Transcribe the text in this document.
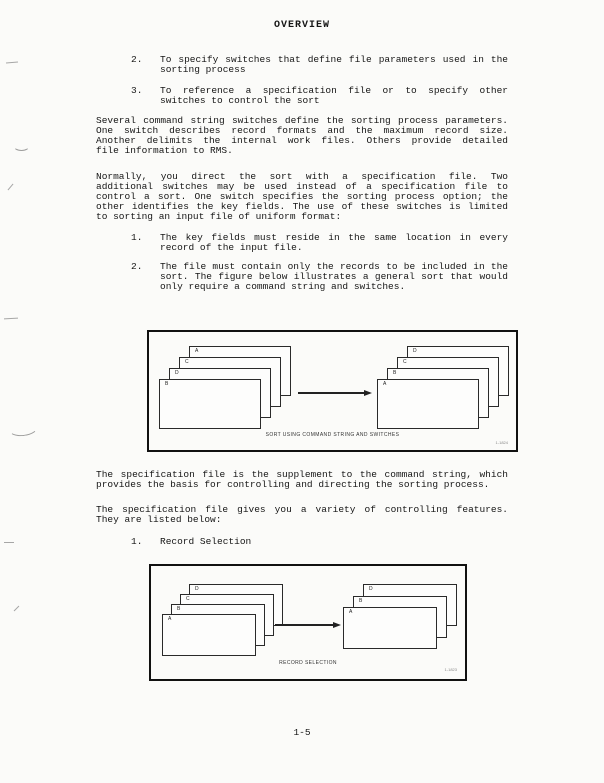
OVERVIEW
2. To specify switches that define file parameters used in the
sorting process
3. To reference a specification file or to specify other
switches to control the sort
Several command string switches define the sorting process parameters.
One switch describes record formats and the maximum record size.
Another delimits the internal work files. Others provide detailed
file information to RMS.
Normally, you direct the sort with a specification file. Two
additional switches may be used instead of a specification file to
control a sort. One switch specifies the sorting process option; the
other identifies the key fields. The use of these switches is limited
to sorting an input file of uniform format:
1. The key fields must reside in the same location in every
record of the input file.
2. The file must contain only the records to be included in the
sort. The figure below illustrates a general sort that would
only require a command string and switches.
A
C
D
B
D
C
B
A
SORT USING COMMAND STRING AND SWITCHES
1-1824
The specification file is the supplement to the command string, which
provides the basis for controlling and directing the sorting process.
The specification file gives you a variety of controlling features.
They are listed below:
1. Record Selection
D
C
B
A
D
B
A
RECORD SELECTION
1-1823
1-5
